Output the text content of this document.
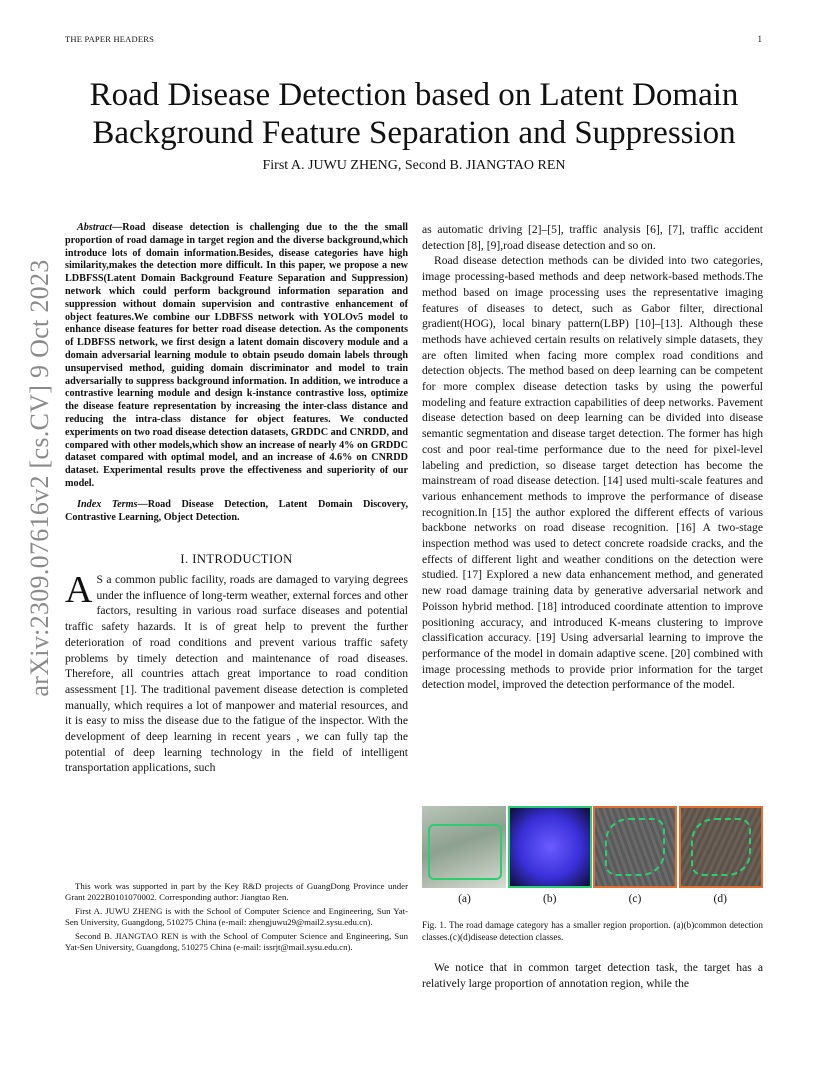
THE PAPER HEADERS	1
Road Disease Detection based on Latent Domain
Background Feature Separation and Suppression
First A. JUWU ZHENG, Second B. JIANGTAO REN
arXiv:2309.07616v2 [cs.CV] 9 Oct 2023

Abstract—Road disease detection is challenging due to the the small proportion of road damage in target region and the diverse background,which introduce lots of domain information.Besides, disease categories have high similarity,makes the detection more difficult. In this paper, we propose a new LDBFSS(Latent Domain Background Feature Separation and Suppression) network which could perform background information separation and suppression without domain supervision and contrastive enhancement of object features.We combine our LDBFSS network with YOLOv5 model to enhance disease features for better road disease detection. As the components of LDBFSS network, we first design a latent domain discovery module and a domain adversarial learning module to obtain pseudo domain labels through unsupervised method, guiding domain discriminator and model to train adversarially to suppress background information. In addition, we introduce a contrastive learning module and design k-instance contrastive loss, optimize the disease feature representation by increasing the inter-class distance and reducing the intra-class distance for object features. We conducted experiments on two road disease detection datasets, GRDDC and CNRDD, and compared with other models,which show an increase of nearly 4% on GRDDC dataset compared with optimal model, and an increase of 4.6% on CNRDD dataset. Experimental results prove the effectiveness and superiority of our model.

Index Terms—Road Disease Detection, Latent Domain Discovery, Contrastive Learning, Object Detection.

I. INTRODUCTION

A S a common public facility, roads are damaged to varying degrees under the influence of long-term weather, external forces and other factors, resulting in various road surface diseases and potential traffic safety hazards. It is of great help to prevent the further deterioration of road conditions and prevent various traffic safety problems by timely detection and maintenance of road diseases. Therefore, all countries attach great importance to road condition assessment [1]. The traditional pavement disease detection is completed manually, which requires a lot of manpower and material resources, and it is easy to miss the disease due to the fatigue of the inspector. With the development of deep learning in recent years , we can fully tap the potential of deep learning technology in the field of intelligent transportation applications, such

This work was supported in part by the Key R&D projects of GuangDong Province under Grant 2022B0101070002. Corresponding author: Jiangtao Ren.

First A. JUWU ZHENG is with the School of Computer Science and Engineering, Sun Yat-Sen University, Guangdong, 510275 China (e-mail: zhengjuwu29@mail2.sysu.edu.cn).

Second B. JIANGTAO REN is with the School of Computer Science and Engineering, Sun Yat-Sen University, Guangdong, 510275 China (e-mail: issrjt@mail.sysu.edu.cn).

as automatic driving [2]–[5], traffic analysis [6], [7], traffic accident detection [8], [9],road disease detection and so on.

Road disease detection methods can be divided into two categories, image processing-based methods and deep network-based methods.The method based on image processing uses the representative imaging features of diseases to detect, such as Gabor filter, directional gradient(HOG), local binary pattern(LBP) [10]–[13]. Although these methods have achieved certain results on relatively simple datasets, they are often limited when facing more complex road conditions and detection objects. The method based on deep learning can be competent for more complex disease detection tasks by using the powerful modeling and feature extraction capabilities of deep networks. Pavement disease detection based on deep learning can be divided into disease semantic segmentation and disease target detection. The former has high cost and poor real-time performance due to the need for pixel-level labeling and prediction, so disease target detection has become the mainstream of road disease detection. [14] used multi-scale features and various enhancement methods to improve the performance of disease recognition.In [15] the author explored the different effects of various backbone networks on road disease recognition. [16] A two-stage inspection method was used to detect concrete roadside cracks, and the effects of different light and weather conditions on the detection were studied. [17] Explored a new data enhancement method, and generated new road damage training data by generative adversarial network and Poisson hybrid method. [18] introduced coordinate attention to improve positioning accuracy, and introduced K-means clustering to improve classification accuracy. [19] Using adversarial learning to improve the performance of the model in domain adaptive scene. [20] combined with image processing methods to provide prior information for the target detection model, improved the detection performance of the model.

(a)	(b)	(c)	(d)
Fig. 1. The road damage category has a smaller region proportion. (a)(b)common detection classes.(c)(d)disease detection classes.

We notice that in common target detection task, the target has a relatively large proportion of annotation region, while the
